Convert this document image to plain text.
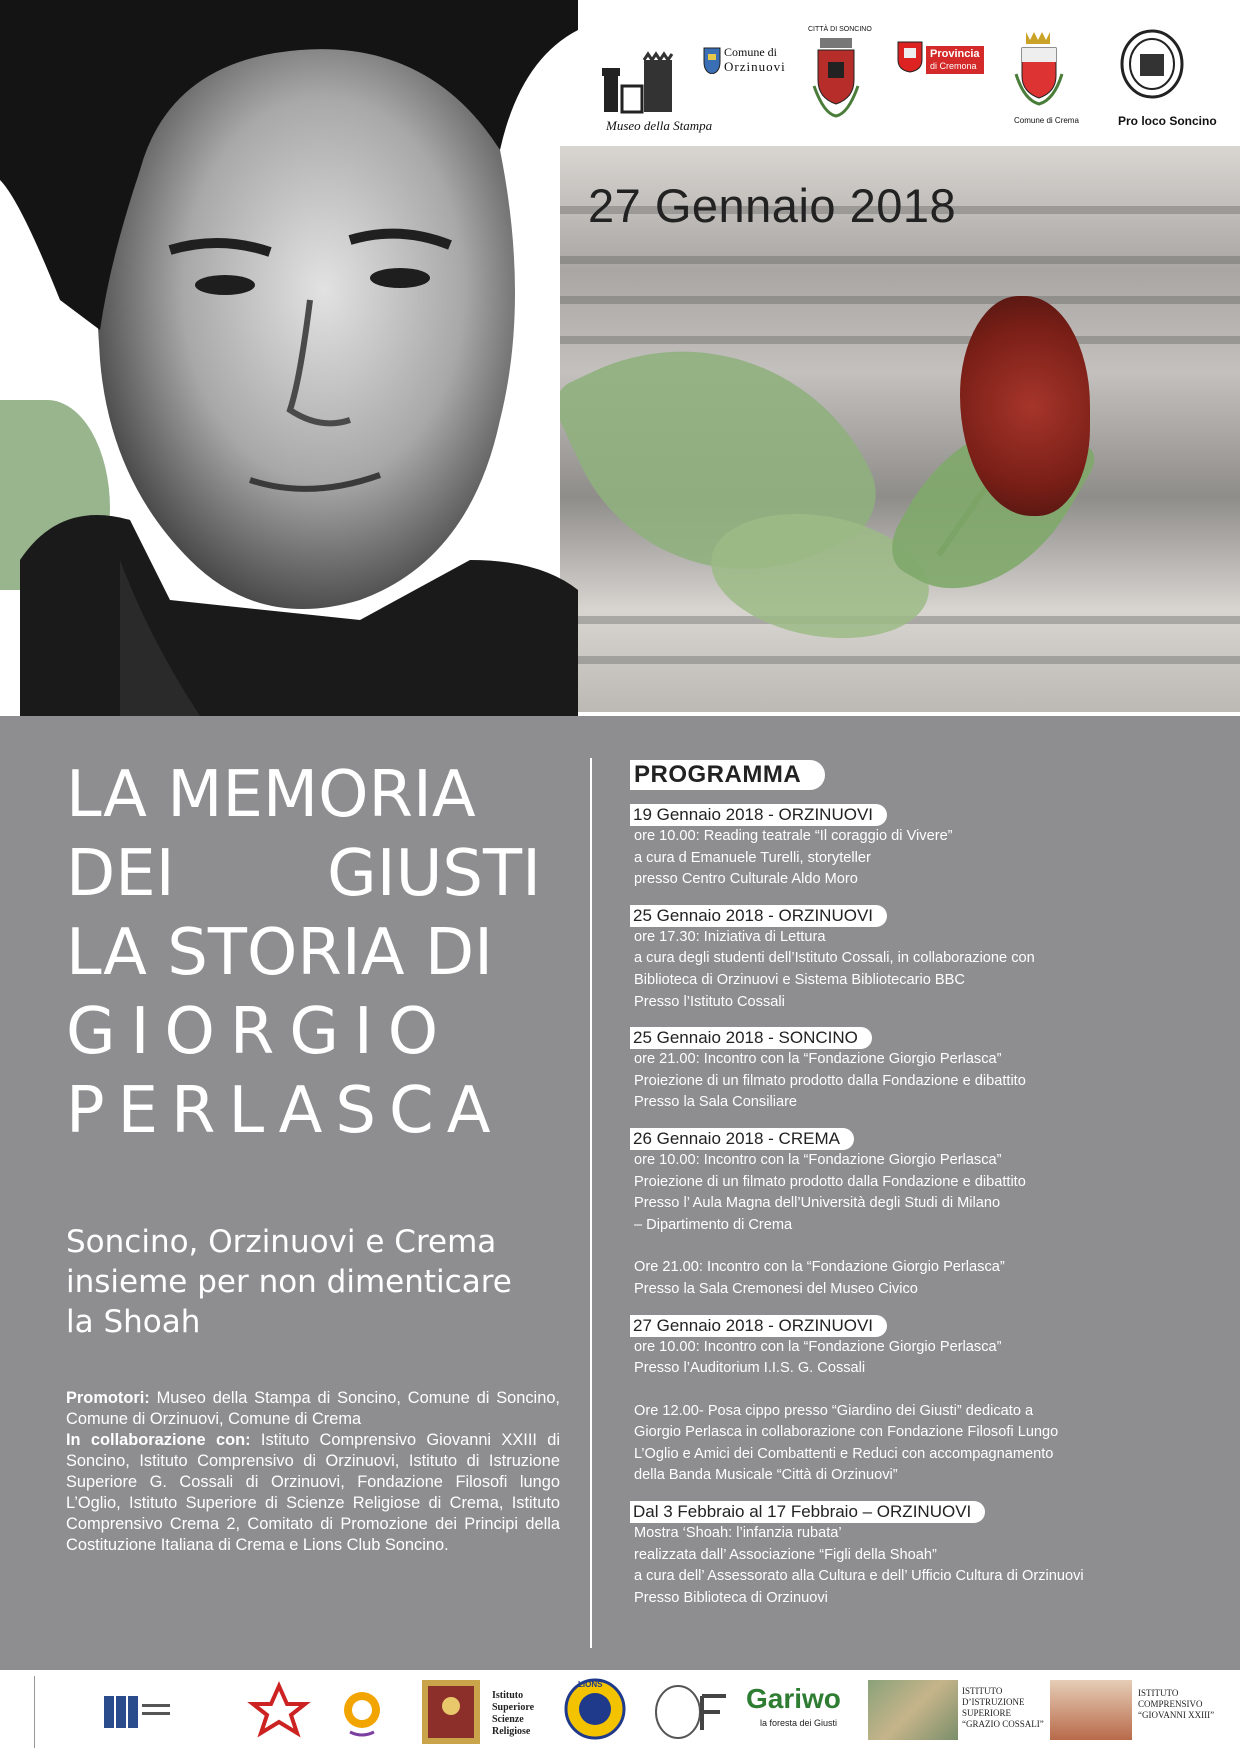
27 Gennaio 2018
Museo della Stampa
Comune di
Orzinuovi
CITTÀ DI SONCINO
Provincia
di Cremona
Comune di Crema	Pro loco Soncino
LA MEMORIA
DEI GIUSTI
LA STORIA DI
GIORGIO
PERLASCA
Soncino, Orzinuovi e Crema
insieme per non dimenticare
la Shoah
Promotori: Museo della Stampa di Soncino, Comune di Soncino, Comune di Orzinuovi, Comune di Crema
In collaborazione con: Istituto Comprensivo Giovanni XXIII di Soncino, Istituto Comprensivo di Orzinuovi, Istituto di Istruzione Superiore G. Cossali di Orzinuovi, Fondazione Filosofi lungo L’Oglio, Istituto Superiore di Scienze Religiose di Crema, Istituto Comprensivo Crema 2, Comitato di Promozione dei Principi della Costituzione Italiana di Crema e Lions Club Soncino.
PROGRAMMA
19 Gennaio 2018 - ORZINUOVI
ore 10.00: Reading teatrale “Il coraggio di Vivere”
a cura d Emanuele Turelli, storyteller
presso Centro Culturale Aldo Moro
25 Gennaio 2018 - ORZINUOVI
ore 17.30: Iniziativa di Lettura
a cura degli studenti dell’Istituto Cossali, in collaborazione con
Biblioteca di Orzinuovi e Sistema Bibliotecario BBC
Presso l’Istituto Cossali
25 Gennaio 2018 - SONCINO
ore 21.00: Incontro con la “Fondazione Giorgio Perlasca”
Proiezione di un filmato prodotto dalla Fondazione e dibattito
Presso la Sala Consiliare
26 Gennaio 2018 - CREMA
ore 10.00: Incontro con la “Fondazione Giorgio Perlasca”
Proiezione di un filmato prodotto dalla Fondazione e dibattito
Presso l’ Aula Magna dell’Università degli Studi di Milano
– Dipartimento di Crema
Ore 21.00: Incontro con la “Fondazione Giorgio Perlasca”
Presso la Sala Cremonesi del Museo Civico
27 Gennaio 2018 - ORZINUOVI
ore 10.00: Incontro con la “Fondazione Giorgio Perlasca”
Presso l’Auditorium I.I.S. G. Cossali
Ore 12.00- Posa cippo presso “Giardino dei Giusti” dedicato a
Giorgio Perlasca in collaborazione con Fondazione Filosofi Lungo
L’Oglio e Amici dei Combattenti e Reduci con accompagnamento
della Banda Musicale “Città di Orzinuovi”
Dal 3 Febbraio al 17 Febbraio – ORZINUOVI
Mostra ‘Shoah: l’infanzia rubata’
realizzata dall’ Associazione “Figli della Shoah”
a cura dell’ Assessorato alla Cultura e dell’ Ufficio Cultura di Orzinuovi
Presso Biblioteca di Orzinuovi
Istituto
Superiore
Scienze
Religiose
LIONS	Gariwo
la foresta dei Giusti
ISTITUTO
D’ISTRUZIONE
SUPERIORE
“GRAZIO COSSALI”
ISTITUTO
COMPRENSIVO
“GIOVANNI XXIII”
